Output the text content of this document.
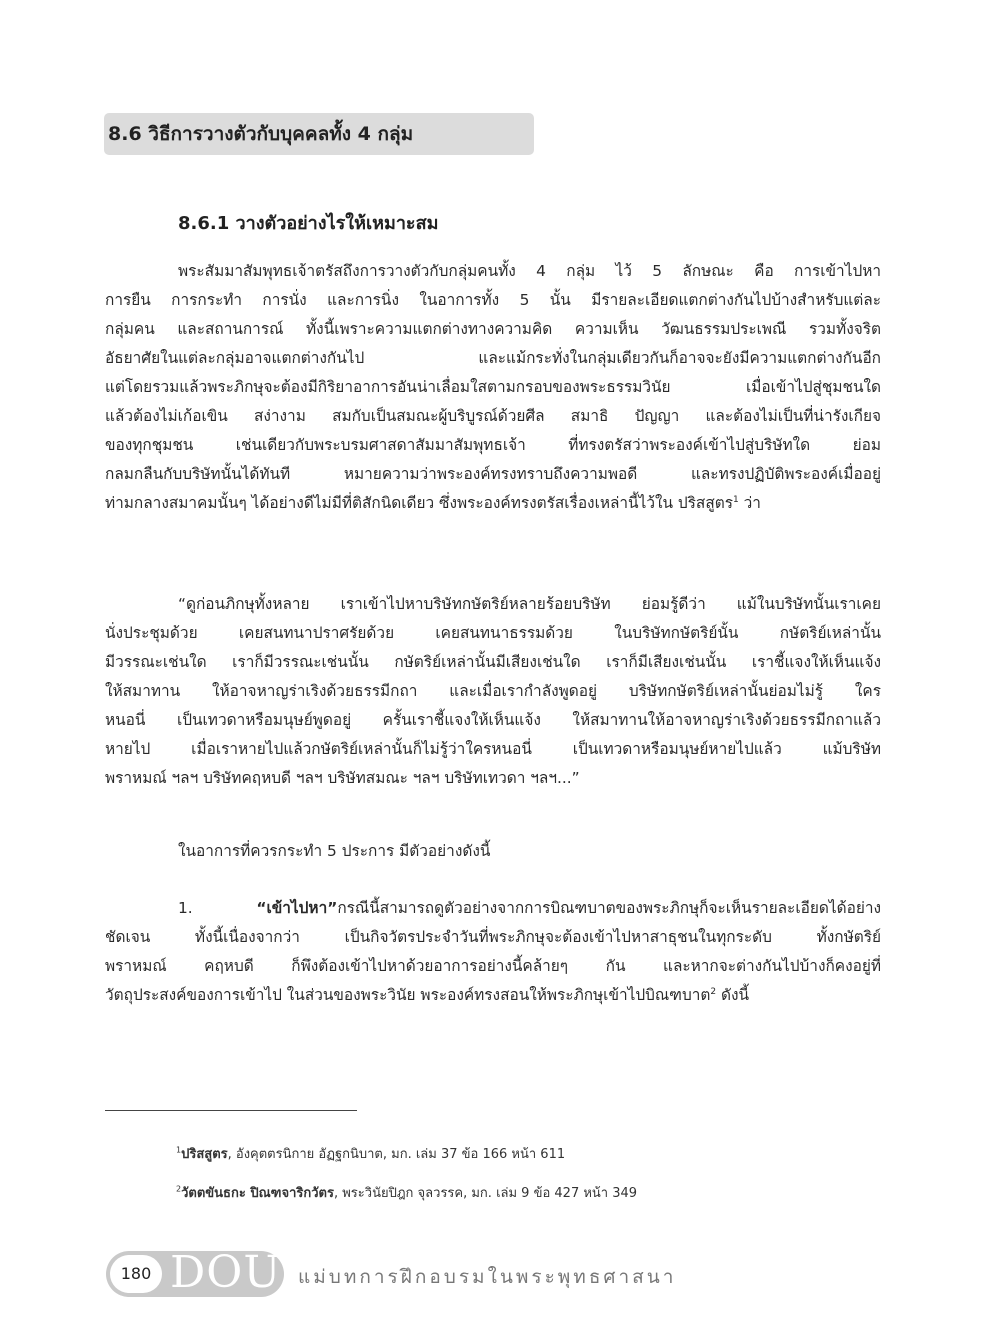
8.6 วิธีการวางตัวกับบุคคลทั้ง 4 กลุ่ม
8.6.1 วางตัวอย่างไรให้เหมาะสม
พระสัมมาสัมพุทธเจ้าตรัสถึงการวางตัวกับกลุ่มคนทั้ง 4 กลุ่ม ไว้ 5 ลักษณะ คือ การเข้าไปหา
การยืน การกระทำ การนั่ง และการนิ่ง ในอาการทั้ง 5 นั้น มีรายละเอียดแตกต่างกันไปบ้างสำหรับแต่ละ
กลุ่มคน และสถานการณ์ ทั้งนี้เพราะความแตกต่างทางความคิด ความเห็น วัฒนธรรมประเพณี รวมทั้งจริต
อัธยาศัยในแต่ละกลุ่มอาจแตกต่างกันไป และแม้กระทั่งในกลุ่มเดียวกันก็อาจจะยังมีความแตกต่างกันอีก
แต่โดยรวมแล้วพระภิกษุจะต้องมีกิริยาอาการอันน่าเลื่อมใสตามกรอบของพระธรรมวินัย เมื่อเข้าไปสู่ชุมชนใด
แล้วต้องไม่เก้อเขิน สง่างาม สมกับเป็นสมณะผู้บริบูรณ์ด้วยศีล สมาธิ ปัญญา และต้องไม่เป็นที่น่ารังเกียจ
ของทุกชุมชน เช่นเดียวกับพระบรมศาสดาสัมมาสัมพุทธเจ้า ที่ทรงตรัสว่าพระองค์เข้าไปสู่บริษัทใด ย่อม
กลมกลืนกับบริษัทนั้นได้ทันที หมายความว่าพระองค์ทรงทราบถึงความพอดี และทรงปฏิบัติพระองค์เมื่ออยู่
ท่ามกลางสมาคมนั้นๆ ได้อย่างดีไม่มีที่ติสักนิดเดียว ซึ่งพระองค์ทรงตรัสเรื่องเหล่านี้ไว้ใน ปริสสูตร$^1$ ว่า
“ดูก่อนภิกษุทั้งหลาย เราเข้าไปหาบริษัทกษัตริย์หลายร้อยบริษัท ย่อมรู้ดีว่า แม้ในบริษัทนั้นเราเคย
นั่งประชุมด้วย เคยสนทนาปราศรัยด้วย เคยสนทนาธรรมด้วย ในบริษัทกษัตริย์นั้น กษัตริย์เหล่านั้น
มีวรรณะเช่นใด เราก็มีวรรณะเช่นนั้น กษัตริย์เหล่านั้นมีเสียงเช่นใด เราก็มีเสียงเช่นนั้น เราชี้แจงให้เห็นแจ้ง
ให้สมาทาน ให้อาจหาญร่าเริงด้วยธรรมีกถา และเมื่อเรากำลังพูดอยู่ บริษัทกษัตริย์เหล่านั้นย่อมไม่รู้ ใคร
หนอนี่ เป็นเทวดาหรือมนุษย์พูดอยู่ ครั้นเราชี้แจงให้เห็นแจ้ง ให้สมาทานให้อาจหาญร่าเริงด้วยธรรมีกถาแล้ว
หายไป เมื่อเราหายไปแล้วกษัตริย์เหล่านั้นก็ไม่รู้ว่าใครหนอนี่ เป็นเทวดาหรือมนุษย์หายไปแล้ว แม้บริษัท
พราหมณ์ ฯลฯ บริษัทคฤหบดี ฯลฯ บริษัทสมณะ ฯลฯ บริษัทเทวดา ฯลฯ...”
ในอาการที่ควรกระทำ 5 ประการ มีตัวอย่างดังนี้
1. “เข้าไปหา”กรณีนี้สามารถดูตัวอย่างจากการบิณฑบาตของพระภิกษุก็จะเห็นรายละเอียดได้อย่าง
ชัดเจน ทั้งนี้เนื่องจากว่า เป็นกิจวัตรประจำวันที่พระภิกษุจะต้องเข้าไปหาสาธุชนในทุกระดับ ทั้งกษัตริย์
พราหมณ์ คฤหบดี ก็พึงต้องเข้าไปหาด้วยอาการอย่างนี้คล้ายๆ กัน และหากจะต่างกันไปบ้างก็คงอยู่ที่
วัตถุประสงค์ของการเข้าไป ในส่วนของพระวินัย พระองค์ทรงสอนให้พระภิกษุเข้าไปบิณฑบาต$^2$ ดังนี้
$^1$ปริสสูตร, อังคุตตรนิกาย อัฏฐกนิบาต, มก. เล่ม 37 ข้อ 166 หน้า 611
$^2$วัตตขันธกะ ปิณฑจาริกวัตร, พระวินัยปิฎก จุลวรรค, มก. เล่ม 9 ข้อ 427 หน้า 349
180 DOU แม่บทการฝึกอบรมในพระพุทธศาสนา
